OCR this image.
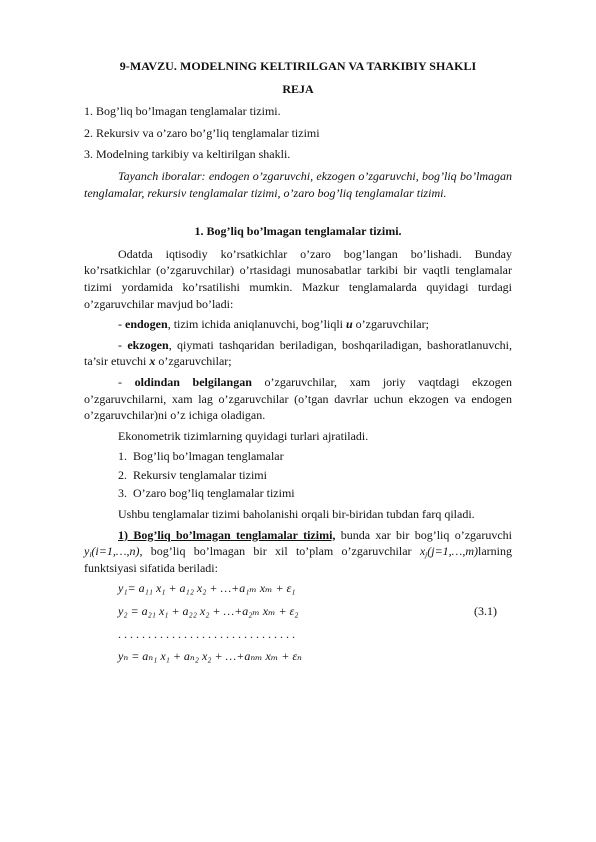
9-MAVZU. MODELNING KELTIRILGAN VA TARKIBIY SHAKLI

REJA

1. Bog’liq bo’lmagan tenglamalar tizimi.

2. Rekursiv va o’zaro bo’g’liq tenglamalar tizimi

3. Modelning tarkibiy va keltirilgan shakli.

Tayanch iboralar: endogen o’zgaruvchi, ekzogen o’zgaruvchi, bog’liq bo’lmagan tenglamalar, rekursiv tenglamalar tizimi, o’zaro bog’liq tenglamalar tizimi.

1. Bog’liq bo’lmagan tenglamalar tizimi.

Odatda iqtisodiy ko’rsatkichlar o’zaro bog’langan bo’lishadi. Bunday ko’rsatkichlar (o’zgaruvchilar) o’rtasidagi munosabatlar tarkibi bir vaqtli tenglamalar tizimi yordamida ko’rsatilishi mumkin. Mazkur tenglamalarda quyidagi turdagi o’zgaruvchilar mavjud bo’ladi:

- endogen, tizim ichida aniqlanuvchi, bog’liqli u o’zgaruvchilar;

- ekzogen, qiymati tashqaridan beriladigan, boshqariladigan, bashoratlanuvchi, ta’sir etuvchi x o’zgaruvchilar;

- oldindan belgilangan o’zgaruvchilar, xam joriy vaqtdagi ekzogen o’zgaruvchilarni, xam lag o’zgaruvchilar (o’tgan davrlar uchun ekzogen va endogen o’zgaruvchilar)ni o’z ichiga oladigan.

Ekonometrik tizimlarning quyidagi turlari ajratiladi.

1.  Bog’liq bo’lmagan tenglamalar

2.  Rekursiv tenglamalar tizimi

3.  O’zaro bog’liq tenglamalar tizimi

Ushbu tenglamalar tizimi baholanishi orqali bir-biridan tubdan farq qiladi.

1) Bog’liq bo’lmagan tenglamalar tizimi, bunda xar bir bog’liq o’zgaruvchi $y_i(i=1,\dots,n)$, bog’liq bo’lmagan bir xil to’plam o’zgaruvchilar $x_j(j=1,\dots,m)larning$ funktsiyasi sifatida beriladi:

y₁= a₁₁ x₁ + a₁₂ x₂ + …+a₁ₘ xₘ + ε₁

y₂ = a₂₁ x₁ + a₂₂ x₂ + …+a₂ₘ xₘ + ε₂	(3.1)

..............................

yₙ = aₙ₁ x₁ + aₙ₂ x₂ + …+aₙₘ xₘ + εₙ
